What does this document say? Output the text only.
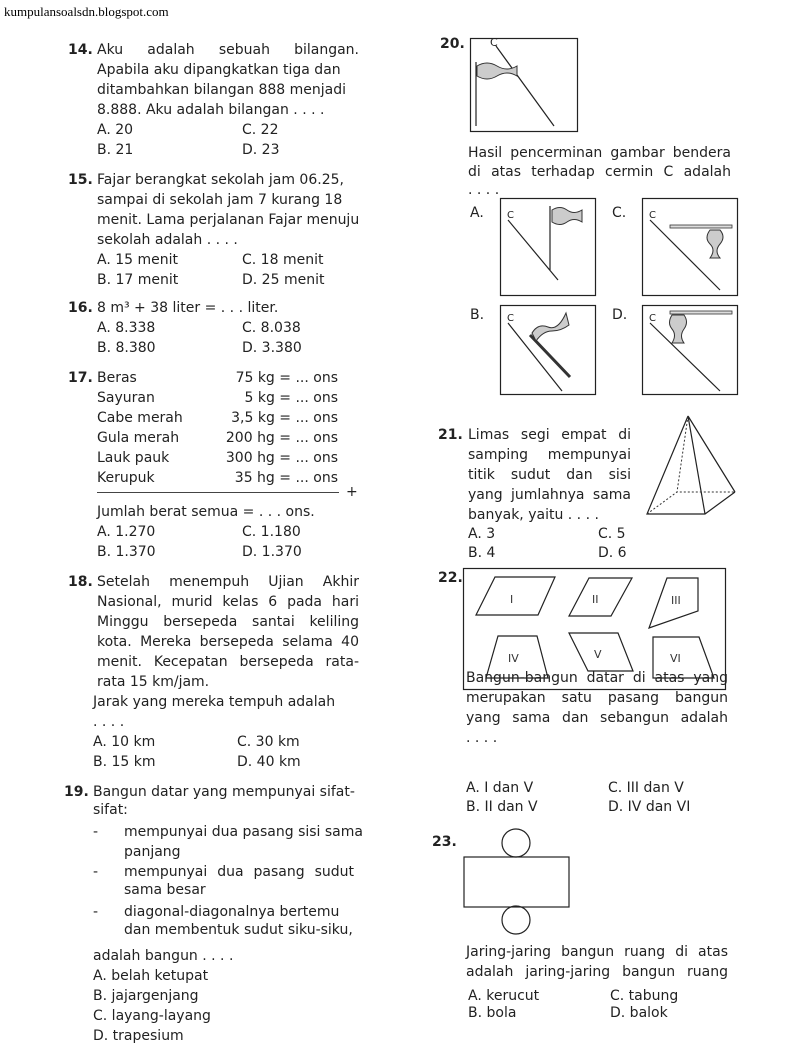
kumpulansoalsdn.blogspot.com
14. Aku adalah sebuah bilangan.
Apabila aku dipangkatkan tiga dan
ditambahkan bilangan 888 menjadi
8.888. Aku adalah bilangan . . . .
A. 20
B. 21
C. 22
D. 23
15. Fajar berangkat sekolah jam 06.25,
sampai di sekolah jam 7 kurang 18
menit. Lama perjalanan Fajar menuju
sekolah adalah . . . .
A. 15 menit
B. 17 menit
C. 18 menit
D. 25 menit
16. 8 m³ + 38 liter = . . . liter.
A. 8.338
B. 8.380
C. 8.038
D. 3.380
17. Beras	75 kg = ... ons
Sayuran	5 kg = ... ons
Cabe merah	3,5 kg = ... ons
Gula merah	200 hg = ... ons
Lauk pauk	300 hg = ... ons
Kerupuk	35 hg = ... ons
+
Jumlah berat semua = . . . ons.
A. 1.270
B. 1.370
C. 1.180
D. 1.370
18. Setelah menempuh Ujian Akhir
Nasional, murid kelas 6 pada hari
Minggu bersepeda santai keliling
kota. Mereka bersepeda selama 40
menit. Kecepatan bersepeda rata-
rata 15 km/jam.
Jarak yang mereka tempuh adalah
. . . .
A. 10 km
B. 15 km
C. 30 km
D. 40 km
19. Bangun datar yang mempunyai sifat-
sifat:
- mempunyai dua pasang sisi sama
panjang
- mempunyai dua pasang sudut
sama besar
- diagonal-diagonalnya bertemu
dan membentuk sudut siku-siku,
adalah bangun . . . .
A. belah ketupat
B. jajargenjang
C. layang-layang
D. trapesium
20. C
Hasil pencerminan gambar bendera
di atas terhadap cermin C adalah
. . . .
A. C	C. C
B. C	D. C
21. Limas segi empat di
samping mempunyai
titik sudut dan sisi
yang jumlahnya sama
banyak, yaitu . . . .
A. 3
B. 4
C. 5
D. 6
22.
I	II	III
IV	V	VI
Bangun-bangun datar di atas yang
merupakan satu pasang bangun
yang sama dan sebangun adalah
. . . .
A. I dan V
B. II dan V
C. III dan V
D. IV dan VI
23.
Jaring-jaring bangun ruang di atas
adalah jaring-jaring bangun ruang
A. kerucut
B. bola
C. tabung
D. balok
